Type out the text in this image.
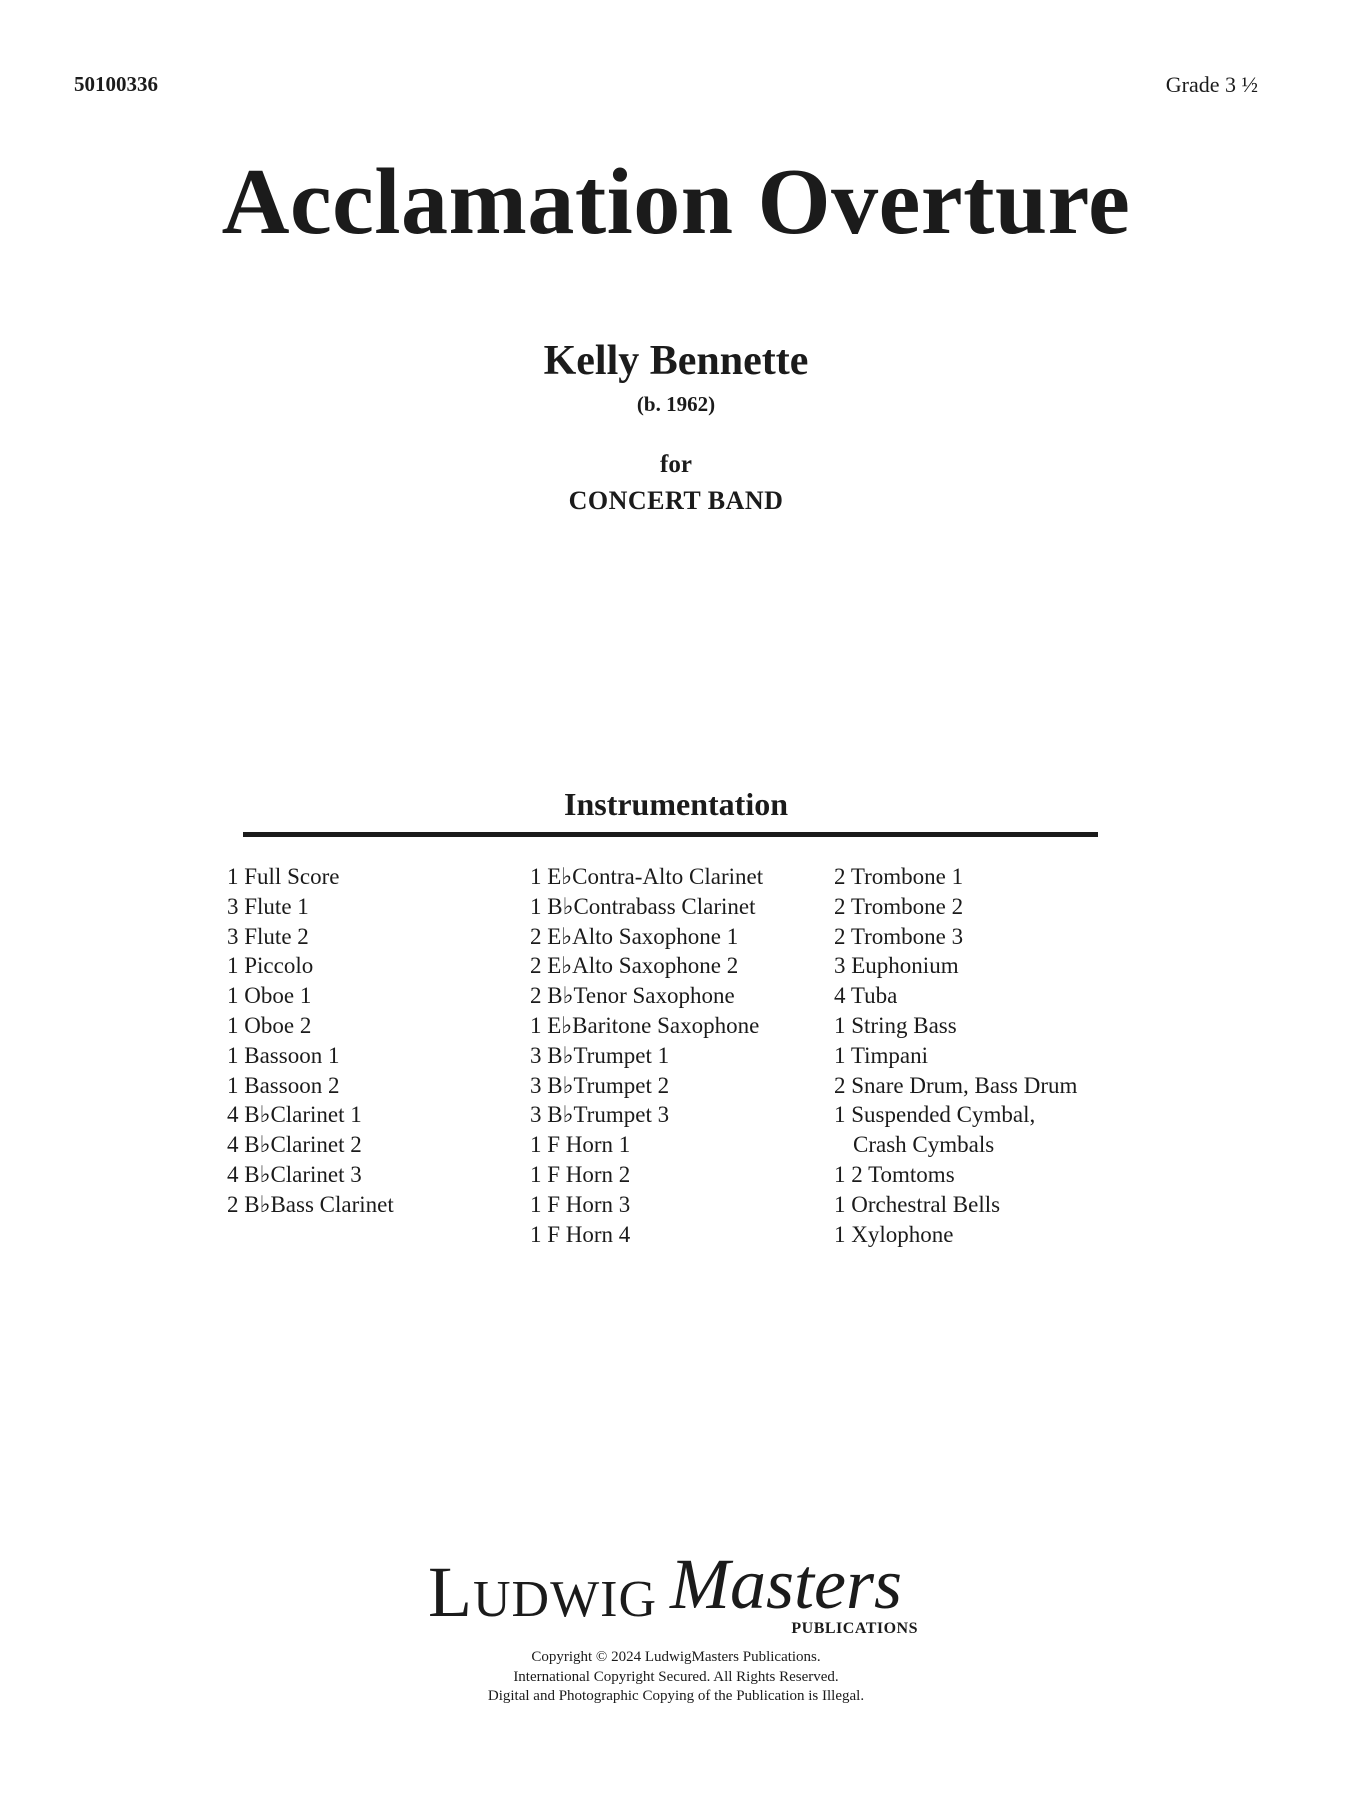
50100336	Grade 3 ½
Acclamation Overture
Kelly Bennette
(b. 1962)
for
CONCERT BAND
Instrumentation
1 Full Score
3 Flute 1
3 Flute 2
1 Piccolo
1 Oboe 1
1 Oboe 2
1 Bassoon 1
1 Bassoon 2
4 B♭Clarinet 1
4 B♭Clarinet 2
4 B♭Clarinet 3
2 B♭Bass Clarinet
1 E♭Contra-Alto Clarinet
1 B♭Contrabass Clarinet
2 E♭Alto Saxophone 1
2 E♭Alto Saxophone 2
2 B♭Tenor Saxophone
1 E♭Baritone Saxophone
3 B♭Trumpet 1
3 B♭Trumpet 2
3 B♭Trumpet 3
1 F Horn 1
1 F Horn 2
1 F Horn 3
1 F Horn 4
2 Trombone 1
2 Trombone 2
2 Trombone 3
3 Euphonium
4 Tuba
1 String Bass
1 Timpani
2 Snare Drum, Bass Drum
1 Suspended Cymbal,
Crash Cymbals
1 2 Tomtoms
1 Orchestral Bells
1 Xylophone
LUDWIG Masters
PUBLICATIONS
Copyright © 2024 LudwigMasters Publications.
International Copyright Secured. All Rights Reserved.
Digital and Photographic Copying of the Publication is Illegal.
